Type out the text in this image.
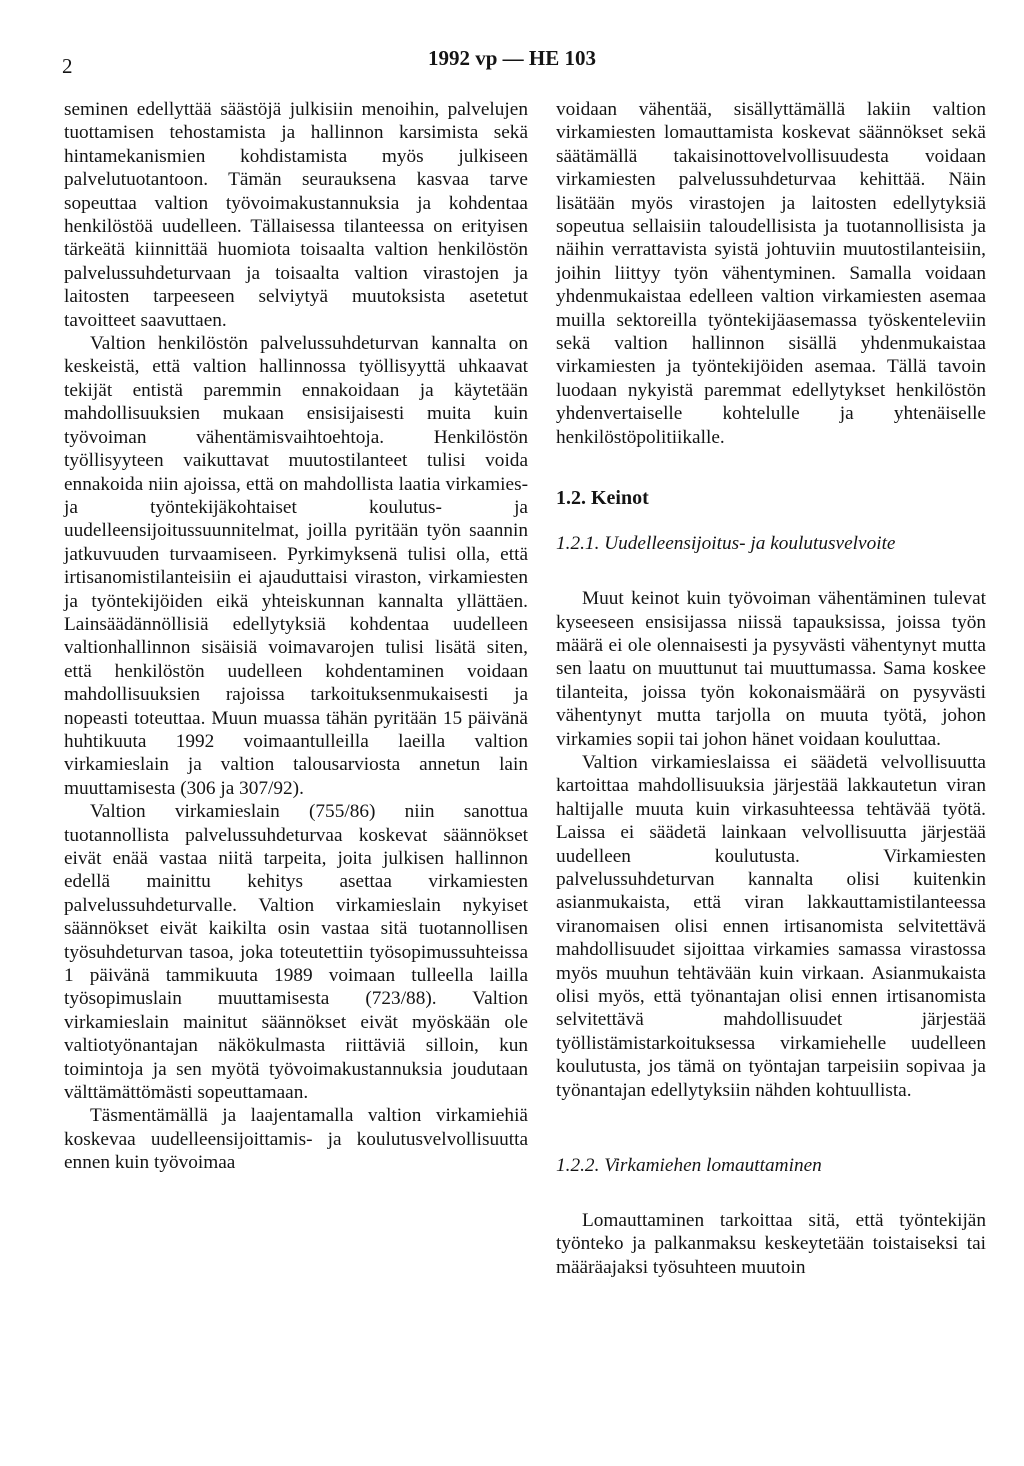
2	1992 vp — HE 103

seminen edellyttää säästöjä julkisiin menoihin, palvelujen tuottamisen tehostamista ja hallinnon karsimista sekä hintamekanismien kohdistamista myös julkiseen palvelutuotantoon. Tämän seurauksena kasvaa tarve sopeuttaa valtion työvoimakustannuksia ja kohdentaa henkilöstöä uudelleen. Tällaisessa tilanteessa on erityisen tärkeätä kiinnittää huomiota toisaalta valtion henkilöstön palvelussuhdeturvaan ja toisaalta valtion virastojen ja laitosten tarpeeseen selviytyä muutoksista asetetut tavoitteet saavuttaen.

Valtion henkilöstön palvelussuhdeturvan kannalta on keskeistä, että valtion hallinnossa työllisyyttä uhkaavat tekijät entistä paremmin ennakoidaan ja käytetään mahdollisuuksien mukaan ensisijaisesti muita kuin työvoiman vähentämisvaihtoehtoja. Henkilöstön työllisyyteen vaikuttavat muutostilanteet tulisi voida ennakoida niin ajoissa, että on mahdollista laatia virkamies- ja työntekijäkohtaiset koulutus- ja uudelleensijoitussuunnitelmat, joilla pyritään työn saannin jatkuvuuden turvaamiseen. Pyrkimyksenä tulisi olla, että irtisanomistilanteisiin ei ajauduttaisi viraston, virkamiesten ja työntekijöiden eikä yhteiskunnan kannalta yllättäen. Lainsäädännöllisiä edellytyksiä kohdentaa uudelleen valtionhallinnon sisäisiä voimavarojen tulisi lisätä siten, että henkilöstön uudelleen kohdentaminen voidaan mahdollisuuksien rajoissa tarkoituksenmukaisesti ja nopeasti toteuttaa. Muun muassa tähän pyritään 15 päivänä huhtikuuta 1992 voimaantulleilla laeilla valtion virkamieslain ja valtion talousarviosta annetun lain muuttamisesta (306 ja 307/92).

Valtion virkamieslain (755/86) niin sanottua tuotannollista palvelussuhdeturvaa koskevat säännökset eivät enää vastaa niitä tarpeita, joita julkisen hallinnon edellä mainittu kehitys asettaa virkamiesten palvelussuhdeturvalle. Valtion virkamieslain nykyiset säännökset eivät kaikilta osin vastaa sitä tuotannollisen työsuhdeturvan tasoa, joka toteutettiin työsopimussuhteissa 1 päivänä tammikuuta 1989 voimaan tulleella lailla työsopimuslain muuttamisesta (723/88). Valtion virkamieslain mainitut säännökset eivät myöskään ole valtiotyönantajan näkökulmasta riittäviä silloin, kun toimintoja ja sen myötä työvoimakustannuksia joudutaan välttämättömästi sopeuttamaan.

Täsmentämällä ja laajentamalla valtion virkamiehiä koskevaa uudelleensijoittamis- ja koulutusvelvollisuutta ennen kuin työvoimaa

voidaan vähentää, sisällyttämällä lakiin valtion virkamiesten lomauttamista koskevat säännökset sekä säätämällä takaisinottovelvollisuudesta voidaan virkamiesten palvelussuhdeturvaa kehittää. Näin lisätään myös virastojen ja laitosten edellytyksiä sopeutua sellaisiin taloudellisista ja tuotannollisista ja näihin verrattavista syistä johtuviin muutostilanteisiin, joihin liittyy työn vähentyminen. Samalla voidaan yhdenmukaistaa edelleen valtion virkamiesten asemaa muilla sektoreilla työntekijäasemassa työskenteleviin sekä valtion hallinnon sisällä yhdenmukaistaa virkamiesten ja työntekijöiden asemaa. Tällä tavoin luodaan nykyistä paremmat edellytykset henkilöstön yhdenvertaiselle kohtelulle ja yhtenäiselle henkilöstöpolitiikalle.

1.2. Keinot
1.2.1. Uudelleensijoitus- ja koulutusvelvoite

Muut keinot kuin työvoiman vähentäminen tulevat kyseeseen ensisijassa niissä tapauksissa, joissa työn määrä ei ole olennaisesti ja pysyvästi vähentynyt mutta sen laatu on muuttunut tai muuttumassa. Sama koskee tilanteita, joissa työn kokonaismäärä on pysyvästi vähentynyt mutta tarjolla on muuta työtä, johon virkamies sopii tai johon hänet voidaan kouluttaa.

Valtion virkamieslaissa ei säädetä velvollisuutta kartoittaa mahdollisuuksia järjestää lakkautetun viran haltijalle muuta kuin virkasuhteessa tehtävää työtä. Laissa ei säädetä lainkaan velvollisuutta järjestää uudelleen koulutusta. Virkamiesten palvelussuhdeturvan kannalta olisi kuitenkin asianmukaista, että viran lakkauttamistilanteessa viranomaisen olisi ennen irtisanomista selvitettävä mahdollisuudet sijoittaa virkamies samassa virastossa myös muuhun tehtävään kuin virkaan. Asianmukaista olisi myös, että työnantajan olisi ennen irtisanomista selvitettävä mahdollisuudet järjestää työllistämistarkoituksessa virkamiehelle uudelleen koulutusta, jos tämä on työntajan tarpeisiin sopivaa ja työnantajan edellytyksiin nähden kohtuullista.

1.2.2. Virkamiehen lomauttaminen

Lomauttaminen tarkoittaa sitä, että työntekijän työnteko ja palkanmaksu keskeytetään toistaiseksi tai määräajaksi työsuhteen muutoin
